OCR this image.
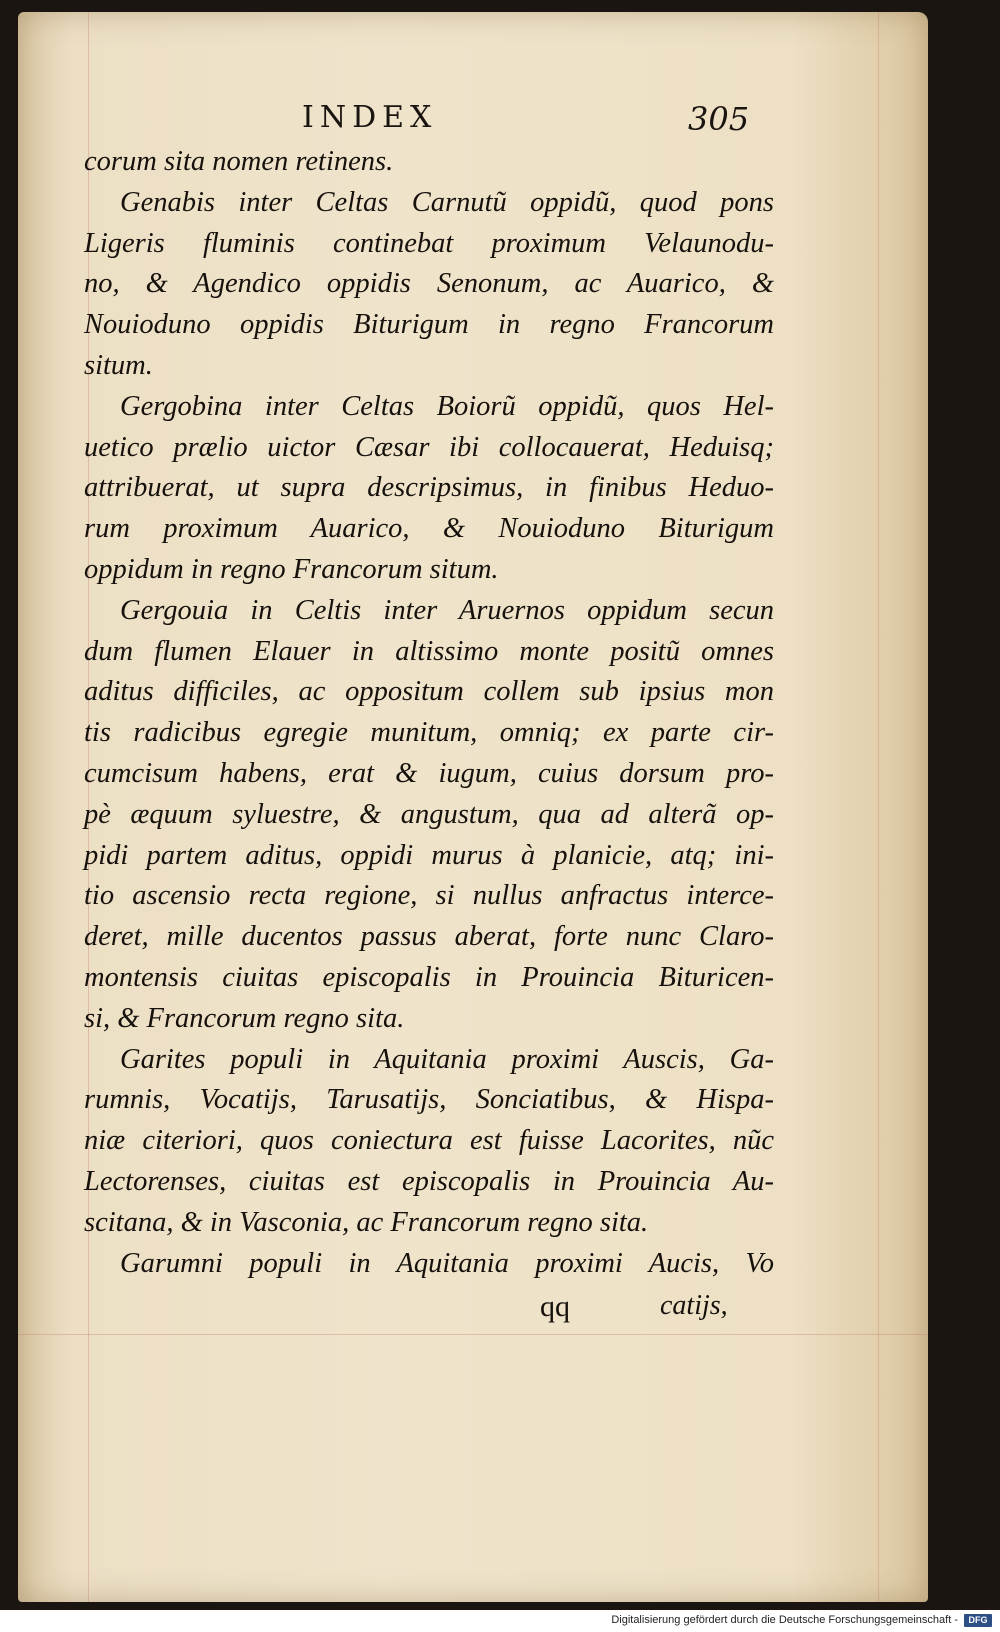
INDEX	305
corum sita nomen retinens.
Genabis inter Celtas Carnutũ oppidũ, quod pons
Ligeris fluminis continebat proximum Velaunodu-
no, & Agendico oppidis Senonum, ac Auarico, &
Nouioduno oppidis Biturigum in regno Francorum
situm.
Gergobina inter Celtas Boiorũ oppidũ, quos Hel-
uetico prælio uictor Cæsar ibi collocauerat, Heduisq;
attribuerat, ut supra descripsimus, in finibus Heduo-
rum proximum Auarico, & Nouioduno Biturigum
oppidum in regno Francorum situm.
Gergouia in Celtis inter Aruernos oppidum secun
dum flumen Elauer in altissimo monte positũ omnes
aditus difficiles, ac oppositum collem sub ipsius mon
tis radicibus egregie munitum, omniq; ex parte cir-
cumcisum habens, erat & iugum, cuius dorsum pro-
pè æquum syluestre, & angustum, qua ad alterã op-
pidi partem aditus, oppidi murus à planicie, atq; ini-
tio ascensio recta regione, si nullus anfractus interce-
deret, mille ducentos passus aberat, forte nunc Claro-
montensis ciuitas episcopalis in Prouincia Bituricen-
si, & Francorum regno sita.
Garites populi in Aquitania proximi Auscis, Ga-
rumnis, Vocatijs, Tarusatijs, Sonciatibus, & Hispa-
niæ citeriori, quos coniectura est fuisse Lacorites, nũc
Lectorenses, ciuitas est episcopalis in Prouincia Au-
scitana, & in Vasconia, ac Francorum regno sita.
Garumni populi in Aquitania proximi Aucis, Vo
qq	catijs,
Digitalisierung gefördert durch die Deutsche Forschungsgemeinschaft -	DFG
